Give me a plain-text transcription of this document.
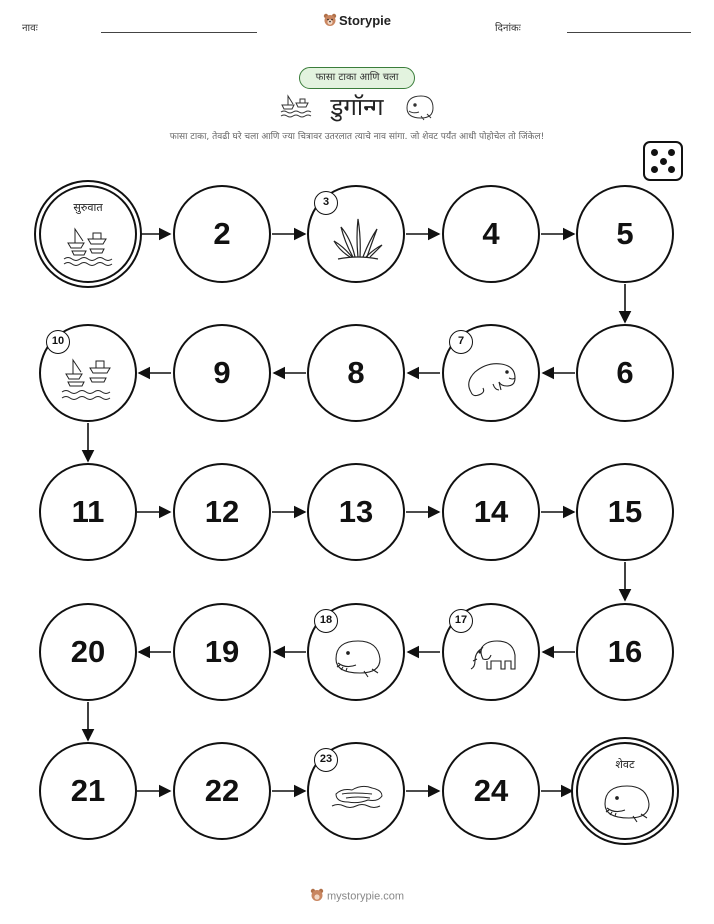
नावः
Storypie
दिनांकः
फासा टाका आणि चला
डुगॉन्ग
फासा टाका, तेवढी घरे चला आणि ज्या चित्रावर उतरलात त्याचे नाव सांगा. जो शेवट पर्यंत आधी पोहोचेल तो जिंकेल!
सुरुवात
2
3
4	5
10
9	8
7
6
11	12	13	14	15
20	19
18	17
16
21	22
23
24
शेवट
mystorypie.com
